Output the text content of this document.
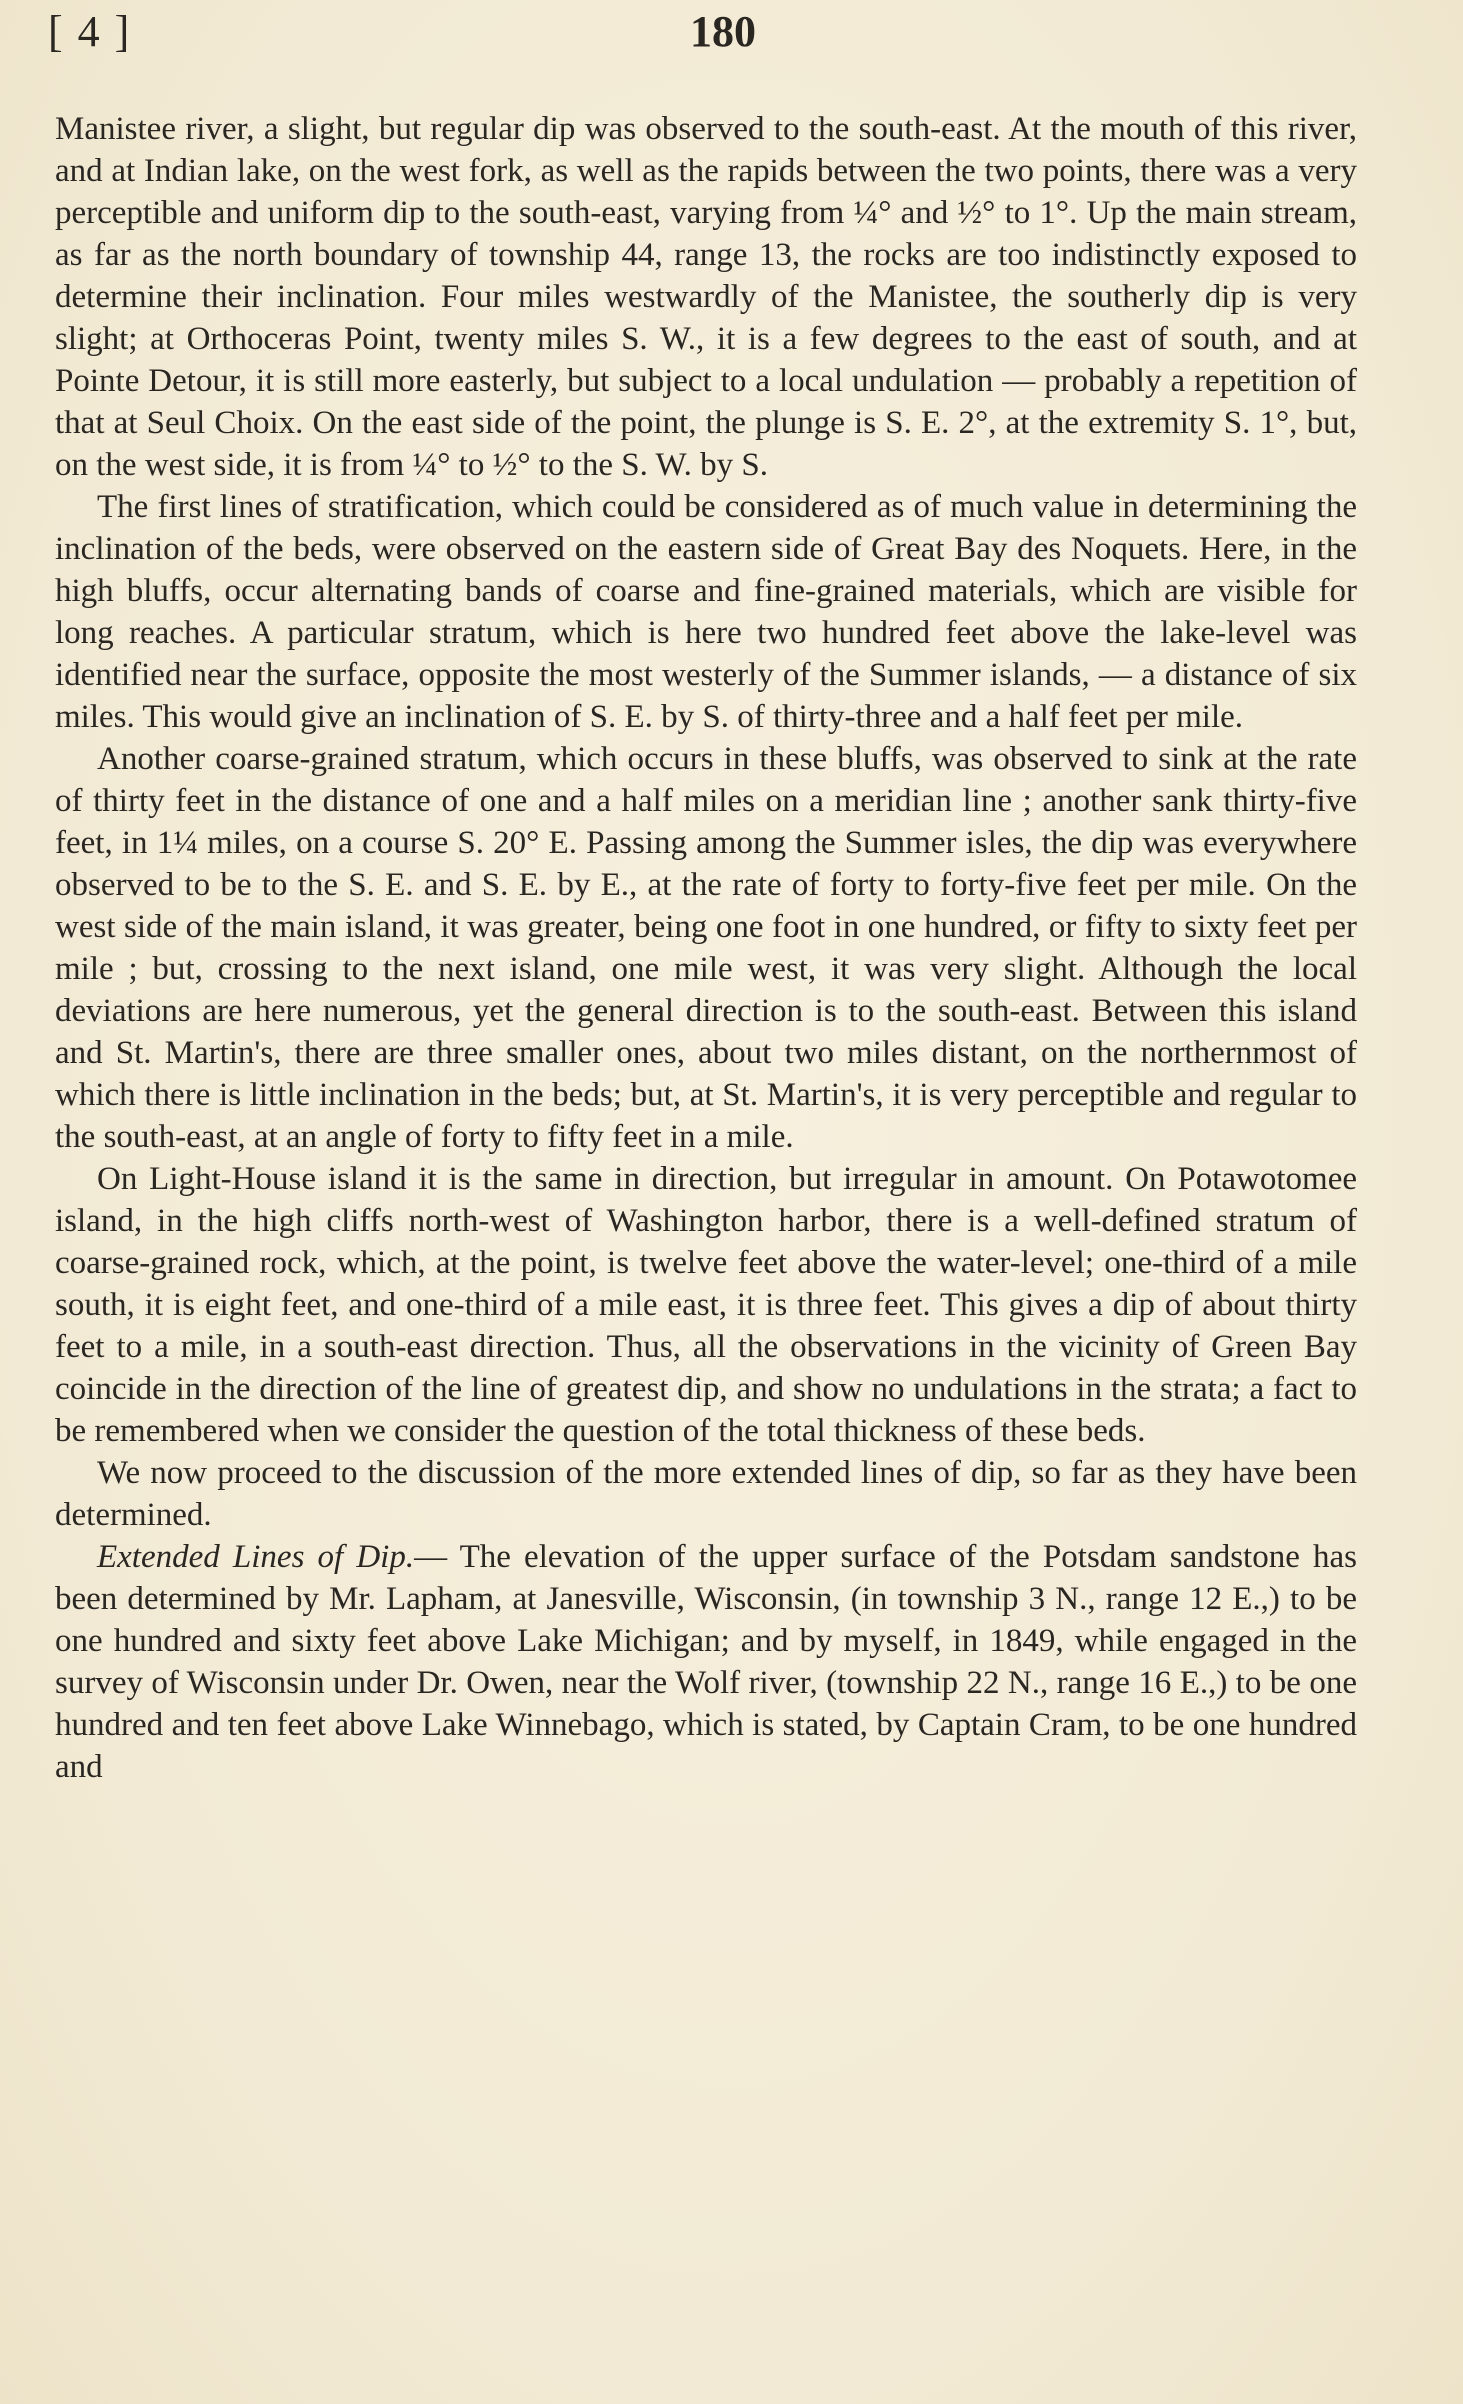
[ 4 ]	180

Manistee river, a slight, but regular dip was observed to the south-east. At the mouth of this river, and at Indian lake, on the west fork, as well as the rapids between the two points, there was a very perceptible and uniform dip to the south-east, varying from ¼° and ½° to 1°. Up the main stream, as far as the north boundary of township 44, range 13, the rocks are too indistinctly exposed to determine their inclination. Four miles westwardly of the Manistee, the southerly dip is very slight; at Orthoceras Point, twenty miles S. W., it is a few degrees to the east of south, and at Pointe Detour, it is still more easterly, but subject to a local undulation — probably a repetition of that at Seul Choix. On the east side of the point, the plunge is S. E. 2°, at the extremity S. 1°, but, on the west side, it is from ¼° to ½° to the S. W. by S.

The first lines of stratification, which could be considered as of much value in determining the inclination of the beds, were observed on the eastern side of Great Bay des Noquets. Here, in the high bluffs, occur alternating bands of coarse and fine-grained materials, which are visible for long reaches. A particular stratum, which is here two hundred feet above the lake-level was identified near the surface, opposite the most westerly of the Summer islands, — a distance of six miles. This would give an inclination of S. E. by S. of thirty-three and a half feet per mile.

Another coarse-grained stratum, which occurs in these bluffs, was observed to sink at the rate of thirty feet in the distance of one and a half miles on a meridian line ; another sank thirty-five feet, in 1¼ miles, on a course S. 20° E. Passing among the Summer isles, the dip was everywhere observed to be to the S. E. and S. E. by E., at the rate of forty to forty-five feet per mile. On the west side of the main island, it was greater, being one foot in one hundred, or fifty to sixty feet per mile ; but, crossing to the next island, one mile west, it was very slight. Although the local deviations are here numerous, yet the general direction is to the south-east. Between this island and St. Martin's, there are three smaller ones, about two miles distant, on the northernmost of which there is little inclination in the beds; but, at St. Martin's, it is very perceptible and regular to the south-east, at an angle of forty to fifty feet in a mile.

On Light-House island it is the same in direction, but irregular in amount. On Potawotomee island, in the high cliffs north-west of Washington harbor, there is a well-defined stratum of coarse-grained rock, which, at the point, is twelve feet above the water-level; one-third of a mile south, it is eight feet, and one-third of a mile east, it is three feet. This gives a dip of about thirty feet to a mile, in a south-east direction. Thus, all the observations in the vicinity of Green Bay coincide in the direction of the line of greatest dip, and show no undulations in the strata; a fact to be remembered when we consider the question of the total thickness of these beds.

We now proceed to the discussion of the more extended lines of dip, so far as they have been determined.

Extended Lines of Dip.— The elevation of the upper surface of the Potsdam sandstone has been determined by Mr. Lapham, at Janesville, Wisconsin, (in township 3 N., range 12 E.,) to be one hundred and sixty feet above Lake Michigan; and by myself, in 1849, while engaged in the survey of Wisconsin under Dr. Owen, near the Wolf river, (township 22 N., range 16 E.,) to be one hundred and ten feet above Lake Winnebago, which is stated, by Captain Cram, to be one hundred and
